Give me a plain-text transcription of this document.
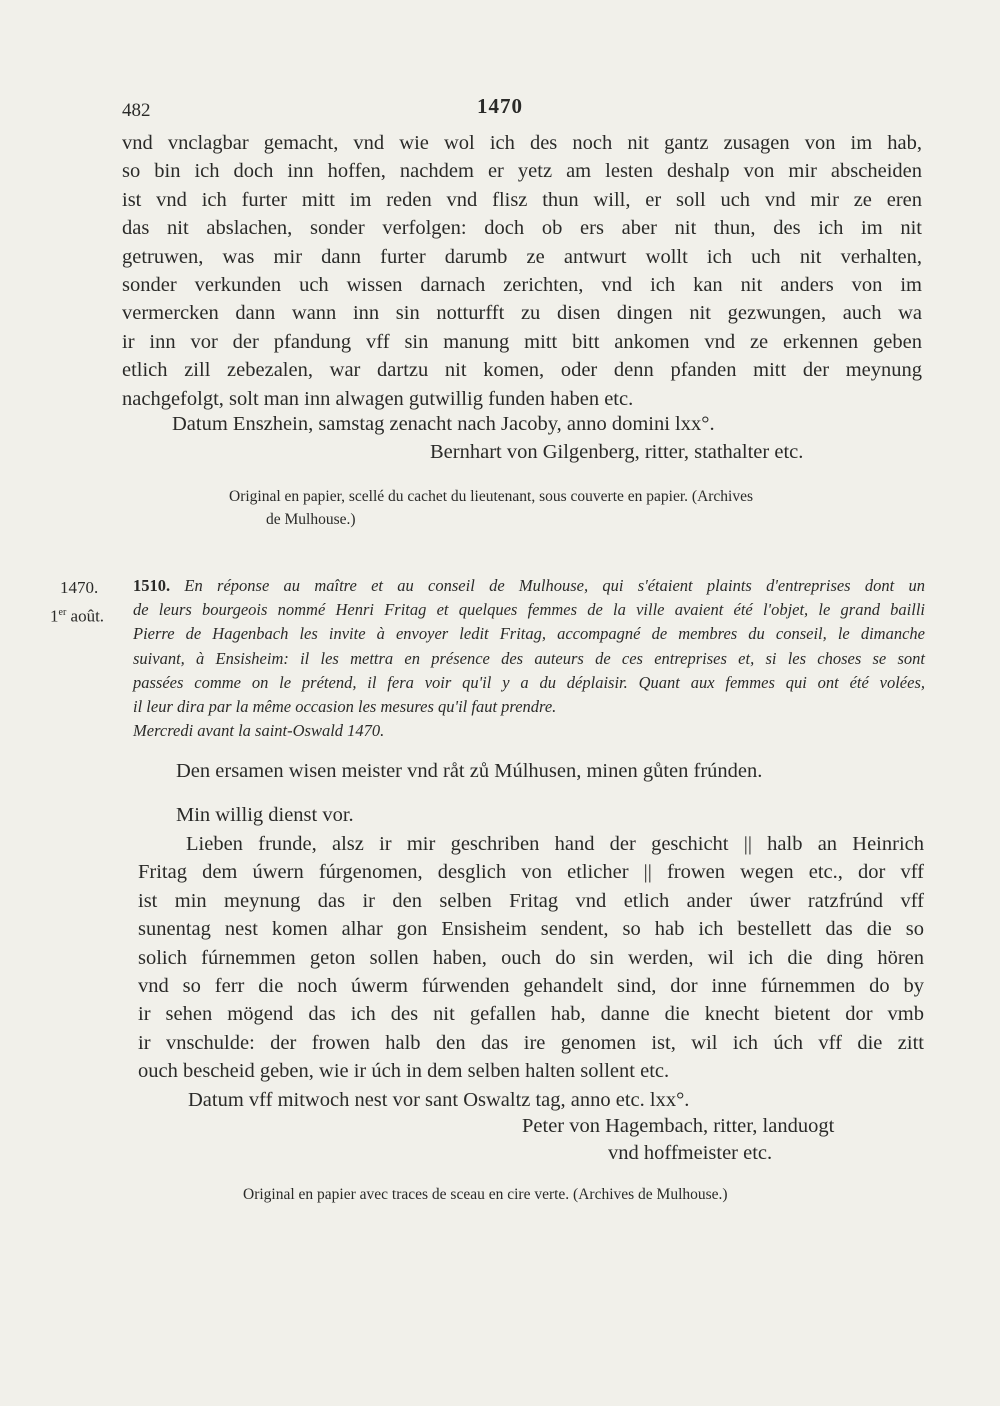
482	1470
vnd vnclagbar gemacht, vnd wie wol ich des noch nit gantz zusagen von im hab,
so bin ich doch inn hoffen, nachdem er yetz am lesten deshalp von mir abscheiden
ist vnd ich furter mitt im reden vnd flisz thun will, er soll uch vnd mir ze eren
das nit abslachen, sonder verfolgen: doch ob ers aber nit thun, des ich im nit
getruwen, was mir dann furter darumb ze antwurt wollt ich uch nit verhalten,
sonder verkunden uch wissen darnach zerichten, vnd ich kan nit anders von im
vermercken dann wann inn sin notturfft zu disen dingen nit gezwungen, auch wa
ir inn vor der pfandung vff sin manung mitt bitt ankomen vnd ze erkennen geben
etlich zill zebezalen, war dartzu nit komen, oder denn pfanden mitt der meynung
nachgefolgt, solt man inn alwagen gutwillig funden haben etc.
Datum Enszhein, samstag zenacht nach Jacoby, anno domini lxx°.
Bernhart von Gilgenberg, ritter, stathalter etc.
Original en papier, scellé du cachet du lieutenant, sous couverte en papier. (Archives
de Mulhouse.)
1470.
1er août.
1510. En réponse au maître et au conseil de Mulhouse, qui s'étaient plaints d'entreprises dont un
de leurs bourgeois nommé Henri Fritag et quelques femmes de la ville avaient été l'objet, le grand bailli
Pierre de Hagenbach les invite à envoyer ledit Fritag, accompagné de membres du conseil, le dimanche
suivant, à Ensisheim: il les mettra en présence des auteurs de ces entreprises et, si les choses se sont
passées comme on le prétend, il fera voir qu'il y a du déplaisir. Quant aux femmes qui ont été volées,
il leur dira par la même occasion les mesures qu'il faut prendre.
Mercredi avant la saint-Oswald 1470.
Den ersamen wisen meister vnd råt zů Múlhusen, minen gůten frúnden.
Min willig dienst vor.
Lieben frunde, alsz ir mir geschriben hand der geschicht || halb an Heinrich
Fritag dem úwern fúrgenomen, desglich von etlicher || frowen wegen etc., dor vff
ist min meynung das ir den selben Fritag vnd etlich ander úwer ratzfrúnd vff
sunentag nest komen alhar gon Ensisheim sendent, so hab ich bestellett das die so
solich fúrnemmen geton sollen haben, ouch do sin werden, wil ich die ding hören
vnd so ferr die noch úwerm fúrwenden gehandelt sind, dor inne fúrnemmen do by
ir sehen mögend das ich des nit gefallen hab, danne die knecht bietent dor vmb
ir vnschulde: der frowen halb den das ire genomen ist, wil ich úch vff die zitt
ouch bescheid geben, wie ir úch in dem selben halten sollent etc.
Datum vff mitwoch nest vor sant Oswaltz tag, anno etc. lxx°.
Peter von Hagembach, ritter, landuogt
vnd hoffmeister etc.
Original en papier avec traces de sceau en cire verte. (Archives de Mulhouse.)
